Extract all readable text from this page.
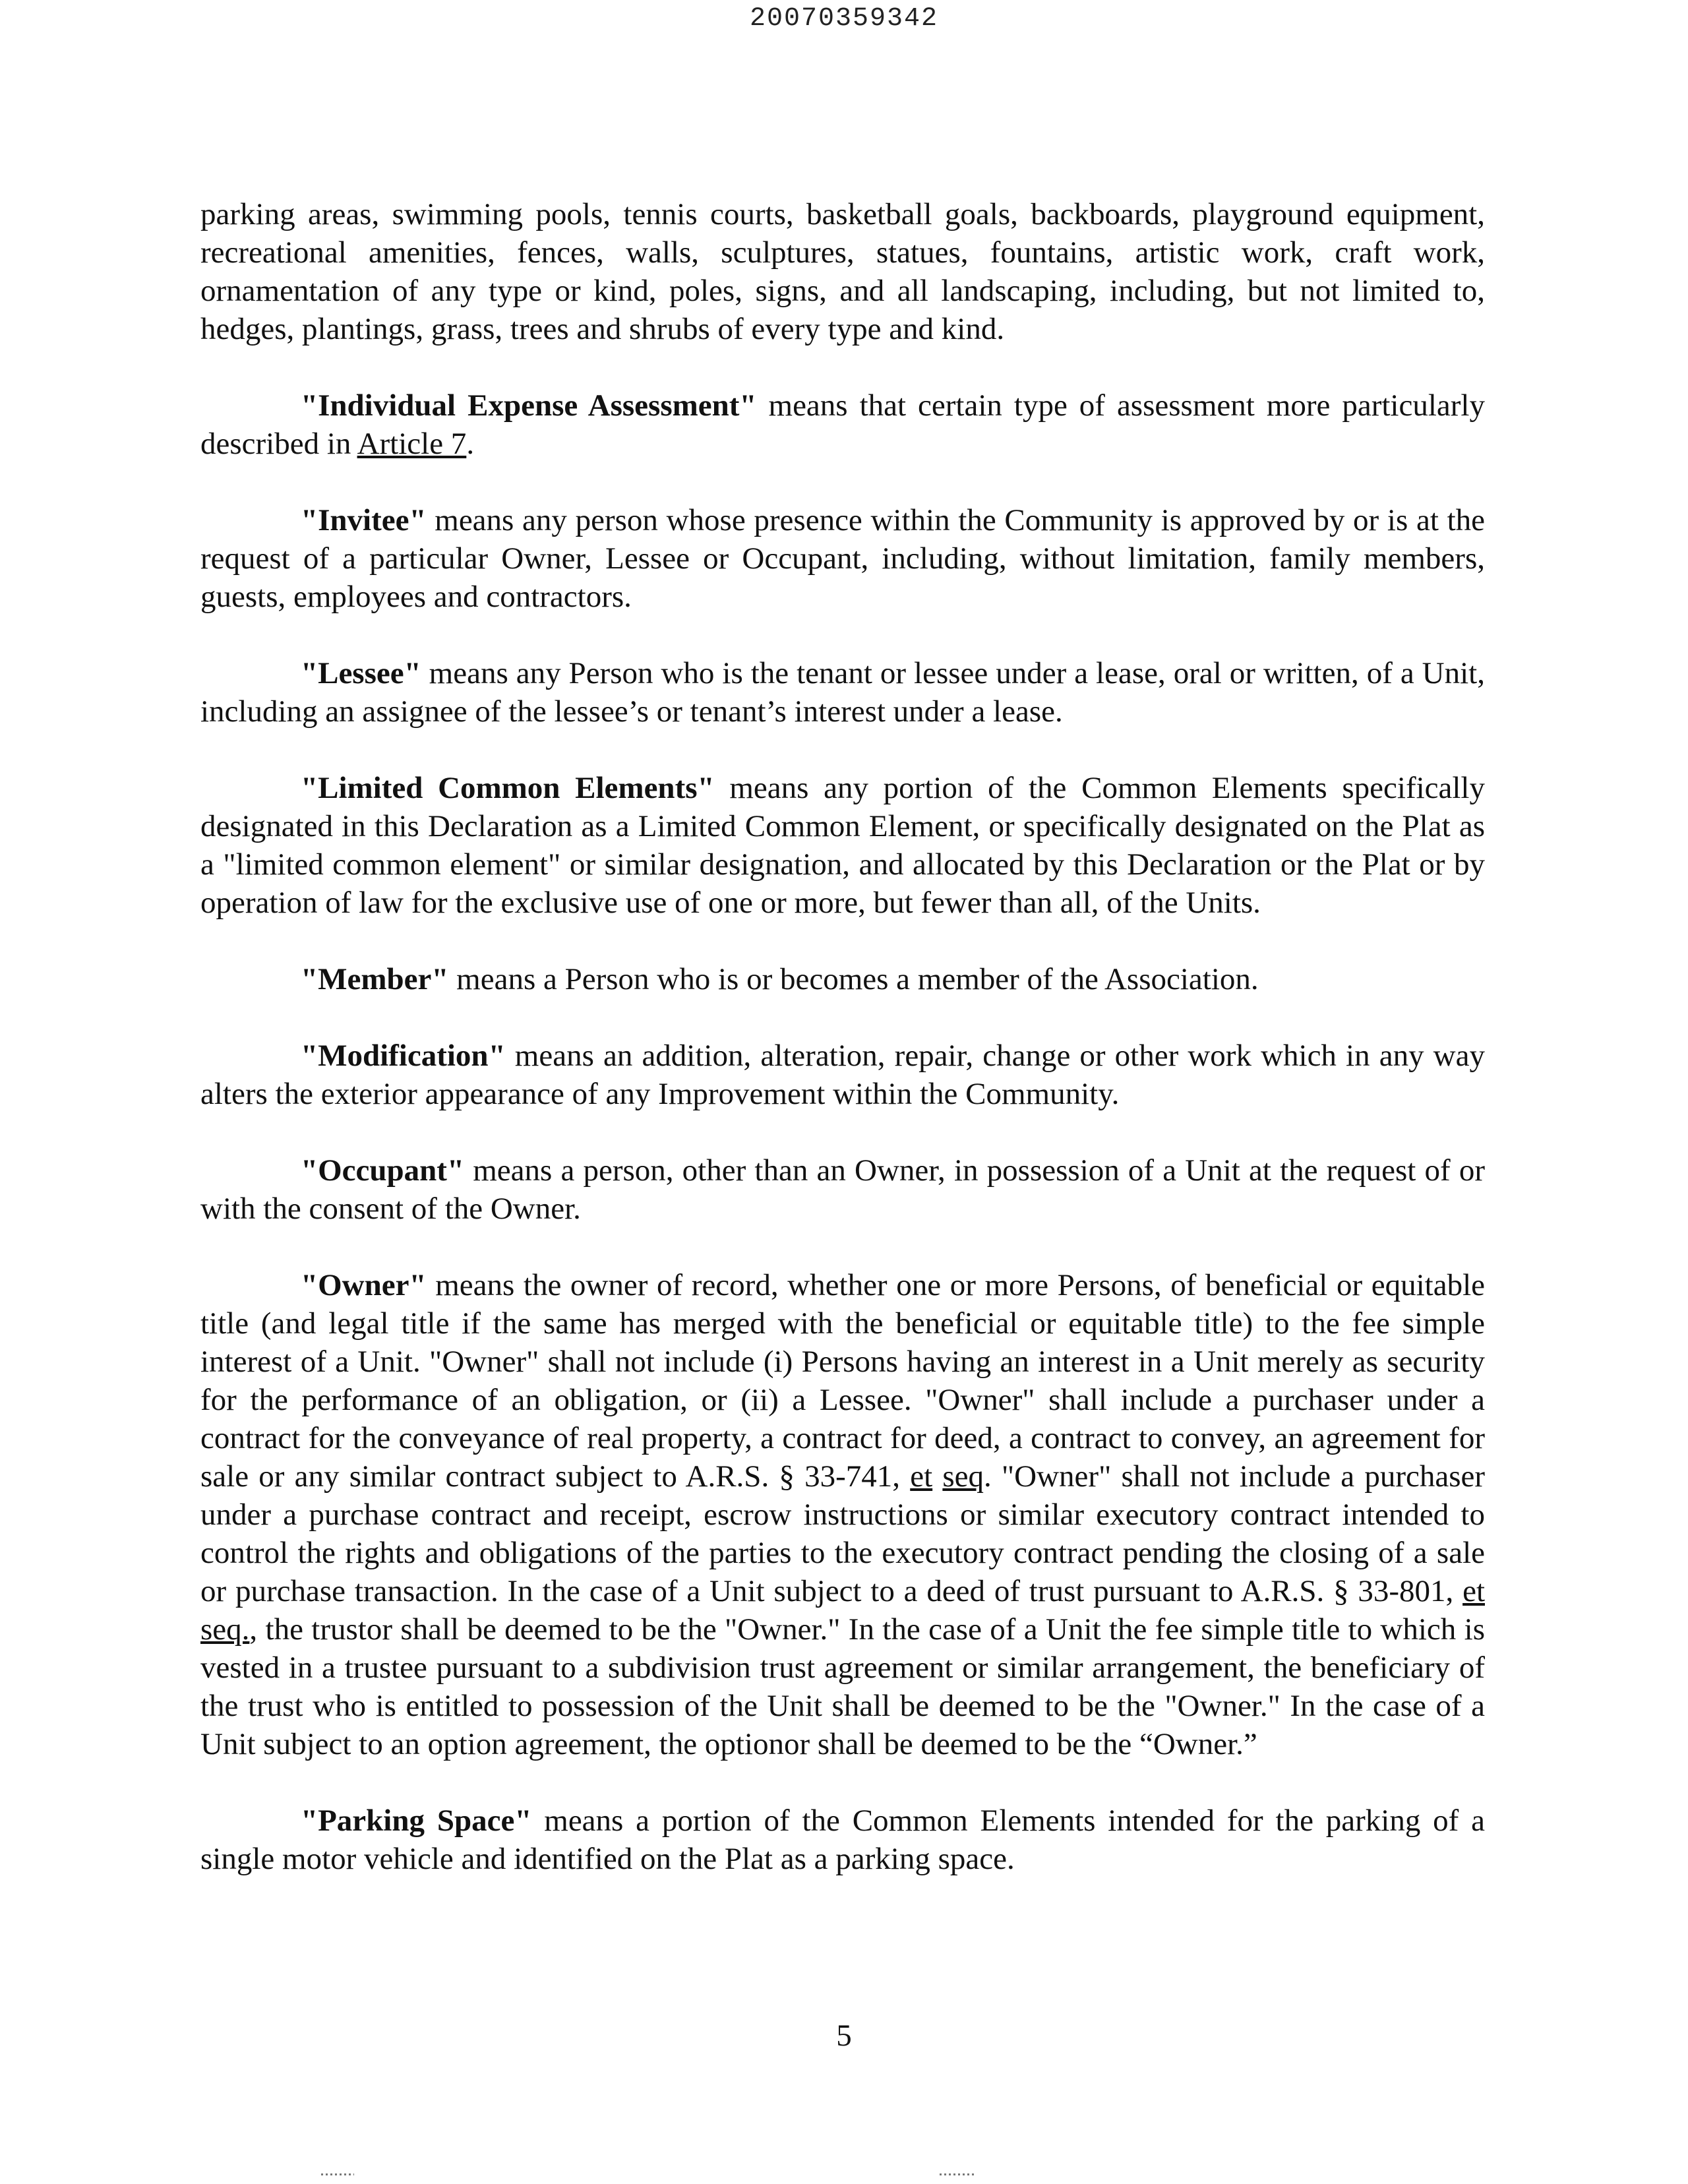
20070359342

parking areas, swimming pools, tennis courts, basketball goals, backboards, playground equipment, recreational amenities, fences, walls, sculptures, statues, fountains, artistic work, craft work, ornamentation of any type or kind, poles, signs, and all landscaping, including, but not limited to, hedges, plantings, grass, trees and shrubs of every type and kind.

"Individual Expense Assessment" means that certain type of assessment more particularly described in Article 7.

"Invitee" means any person whose presence within the Community is approved by or is at the request of a particular Owner, Lessee or Occupant, including, without limitation, family members, guests, employees and contractors.

"Lessee" means any Person who is the tenant or lessee under a lease, oral or written, of a Unit, including an assignee of the lessee’s or tenant’s interest under a lease.

"Limited Common Elements" means any portion of the Common Elements specifically designated in this Declaration as a Limited Common Element, or specifically designated on the Plat as a "limited common element" or similar designation, and allocated by this Declaration or the Plat or by operation of law for the exclusive use of one or more, but fewer than all, of the Units.

"Member" means a Person who is or becomes a member of the Association.

"Modification" means an addition, alteration, repair, change or other work which in any way alters the exterior appearance of any Improvement within the Community.

"Occupant" means a person, other than an Owner, in possession of a Unit at the request of or with the consent of the Owner.

"Owner" means the owner of record, whether one or more Persons, of beneficial or equitable title (and legal title if the same has merged with the beneficial or equitable title) to the fee simple interest of a Unit. "Owner" shall not include (i) Persons having an interest in a Unit merely as security for the performance of an obligation, or (ii) a Lessee. "Owner" shall include a purchaser under a contract for the conveyance of real property, a contract for deed, a contract to convey, an agreement for sale or any similar contract subject to A.R.S. § 33-741, et seq. "Owner" shall not include a purchaser under a purchase contract and receipt, escrow instructions or similar executory contract intended to control the rights and obligations of the parties to the executory contract pending the closing of a sale or purchase transaction. In the case of a Unit subject to a deed of trust pursuant to A.R.S. § 33-801, et seq., the trustor shall be deemed to be the "Owner." In the case of a Unit the fee simple title to which is vested in a trustee pursuant to a subdivision trust agreement or similar arrangement, the beneficiary of the trust who is entitled to possession of the Unit shall be deemed to be the "Owner." In the case of a Unit subject to an option agreement, the optionor shall be deemed to be the “Owner.”

"Parking Space" means a portion of the Common Elements intended for the parking of a single motor vehicle and identified on the Plat as a parking space.

5
